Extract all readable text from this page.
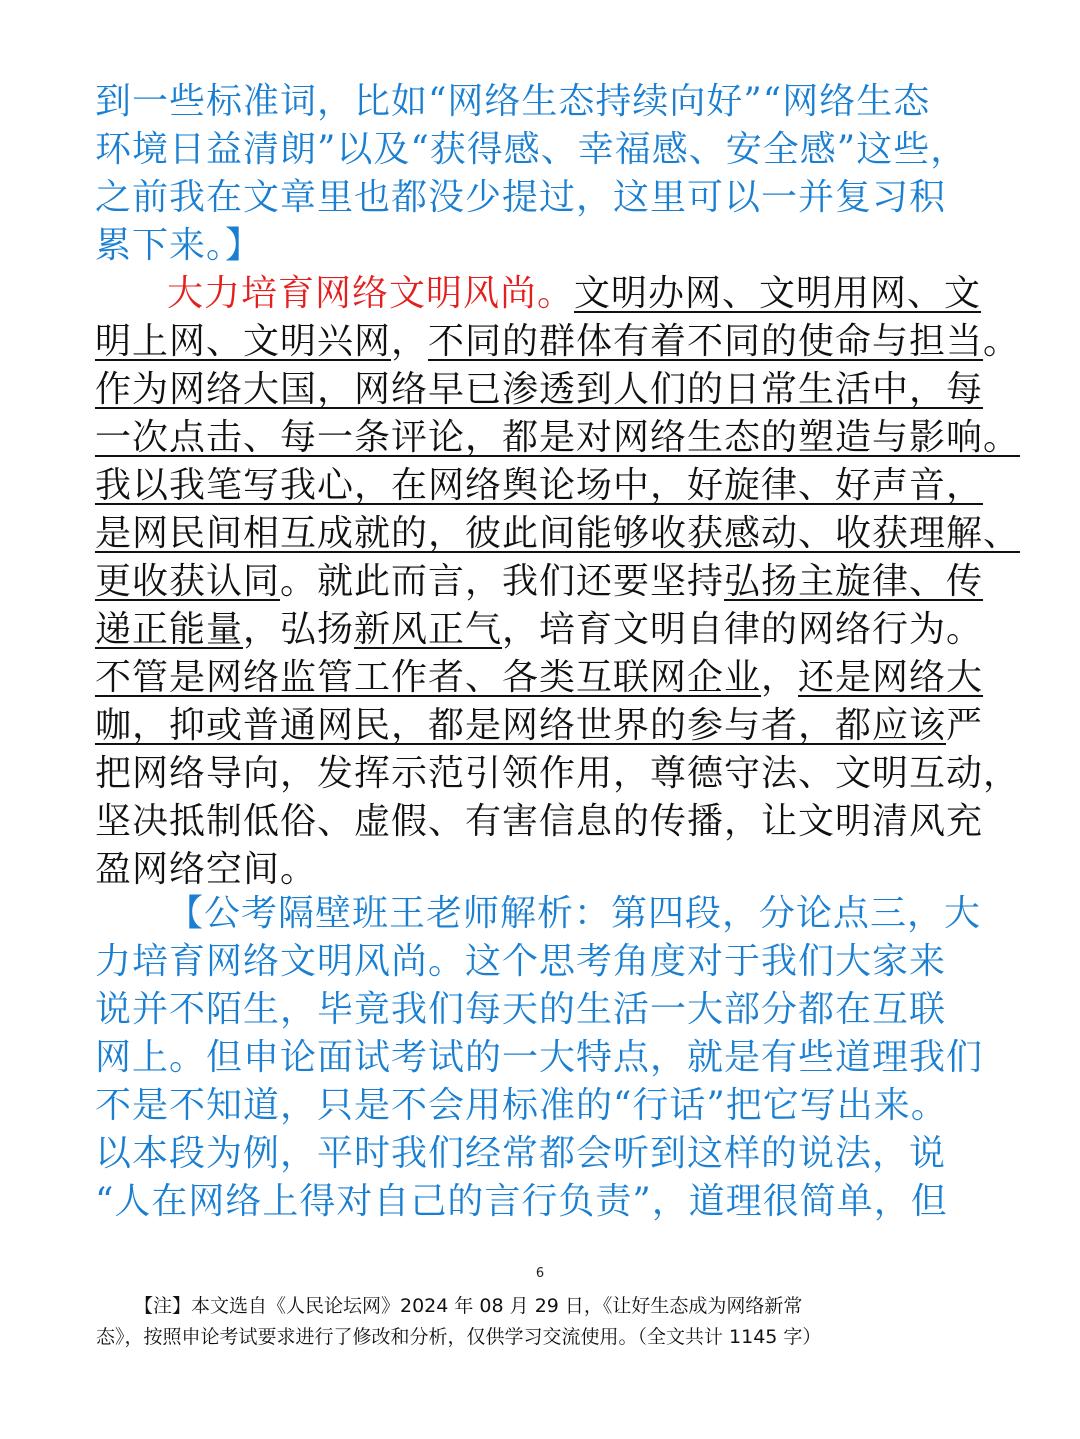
到一些标准词，比如“网络生态持续向好”“网络生态
环境日益清朗”以及“获得感、幸福感、安全感”这些，
之前我在文章里也都没少提过，这里可以一并复习积
累下来。】
大力培育网络文明风尚。文明办网、文明用网、文
明上网、文明兴网，不同的群体有着不同的使命与担当。
作为网络大国，网络早已渗透到人们的日常生活中，每
一次点击、每一条评论，都是对网络生态的塑造与影响。
我以我笔写我心，在网络舆论场中，好旋律、好声音，
是网民间相互成就的，彼此间能够收获感动、收获理解、
更收获认同。就此而言，我们还要坚持弘扬主旋律、传
递正能量，弘扬新风正气，培育文明自律的网络行为。
不管是网络监管工作者、各类互联网企业，还是网络大
咖，抑或普通网民，都是网络世界的参与者，都应该严
把网络导向，发挥示范引领作用，尊德守法、文明互动，
坚决抵制低俗、虚假、有害信息的传播，让文明清风充
盈网络空间。
【公考隔壁班王老师解析：第四段，分论点三，大
力培育网络文明风尚。这个思考角度对于我们大家来
说并不陌生，毕竟我们每天的生活一大部分都在互联
网上。但申论面试考试的一大特点，就是有些道理我们
不是不知道，只是不会用标准的“行话”把它写出来。
以本段为例，平时我们经常都会听到这样的说法，说
“人在网络上得对自己的言行负责”，道理很简单，但
6
【注】本文选自《人民论坛网》2024 年 08 月 29 日，《让好生态成为网络新常
态》，按照申论考试要求进行了修改和分析，仅供学习交流使用。（全文共计 1145 字）
